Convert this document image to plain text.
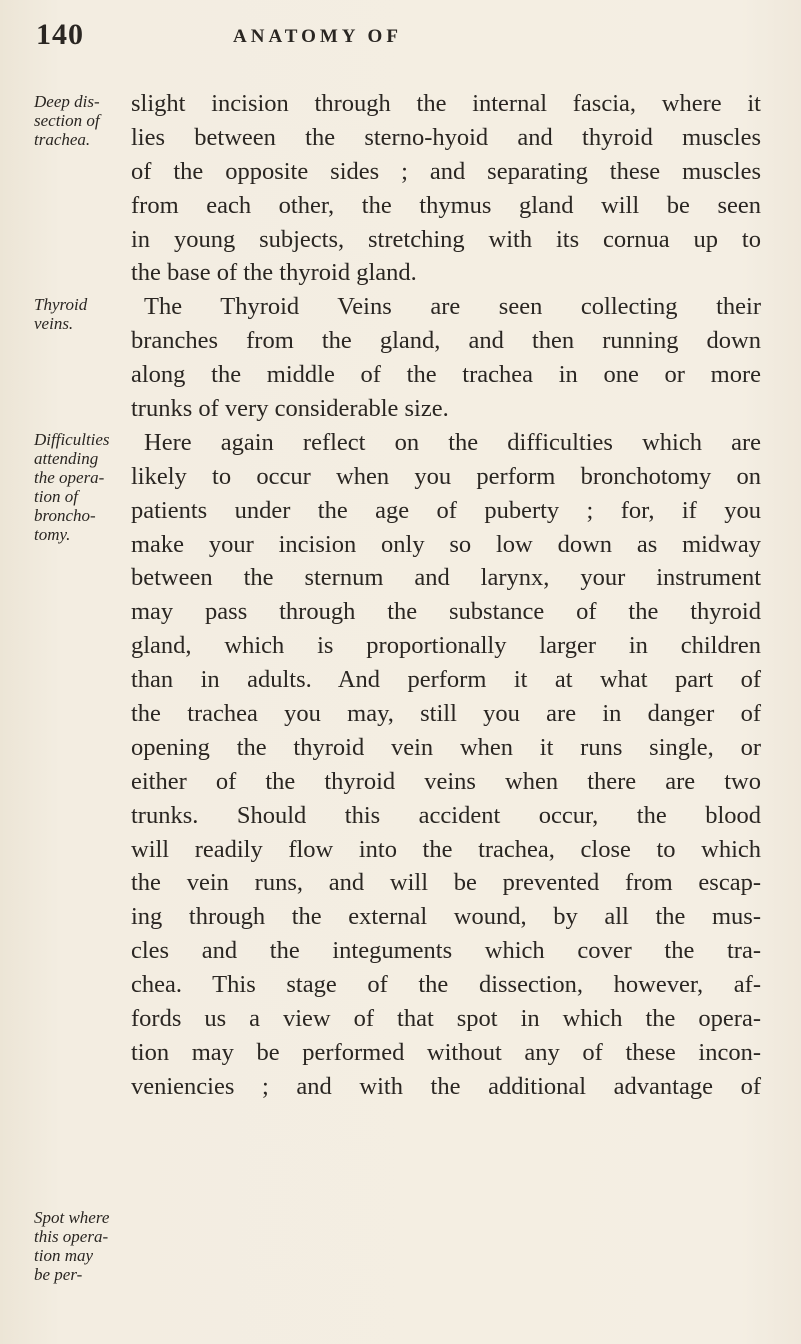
140	ANATOMY OF

Deep dis-
section of
trachea.

Thyroid
veins.

Difficulties
attending
the opera-
tion of
broncho-
tomy.

Spot where
this opera-
tion may
be per-

slight incision through the internal fascia, where it
lies between the sterno-hyoid and thyroid muscles
of the opposite sides ; and separating these muscles
from each other, the thymus gland will be seen
in young subjects, stretching with its cornua up to
the base of the thyroid gland.
The Thyroid Veins are seen collecting their
branches from the gland, and then running down
along the middle of the trachea in one or more
trunks of very considerable size.
Here again reflect on the difficulties which are
likely to occur when you perform bronchotomy on
patients under the age of puberty ; for, if you
make your incision only so low down as midway
between the sternum and larynx, your instrument
may pass through the substance of the thyroid
gland, which is proportionally larger in children
than in adults. And perform it at what part of
the trachea you may, still you are in danger of
opening the thyroid vein when it runs single, or
either of the thyroid veins when there are two
trunks. Should this accident occur, the blood
will readily flow into the trachea, close to which
the vein runs, and will be prevented from escap-
ing through the external wound, by all the mus-
cles and the integuments which cover the tra-
chea. This stage of the dissection, however, af-
fords us a view of that spot in which the opera-
tion may be performed without any of these incon-
veniencies ; and with the additional advantage of
